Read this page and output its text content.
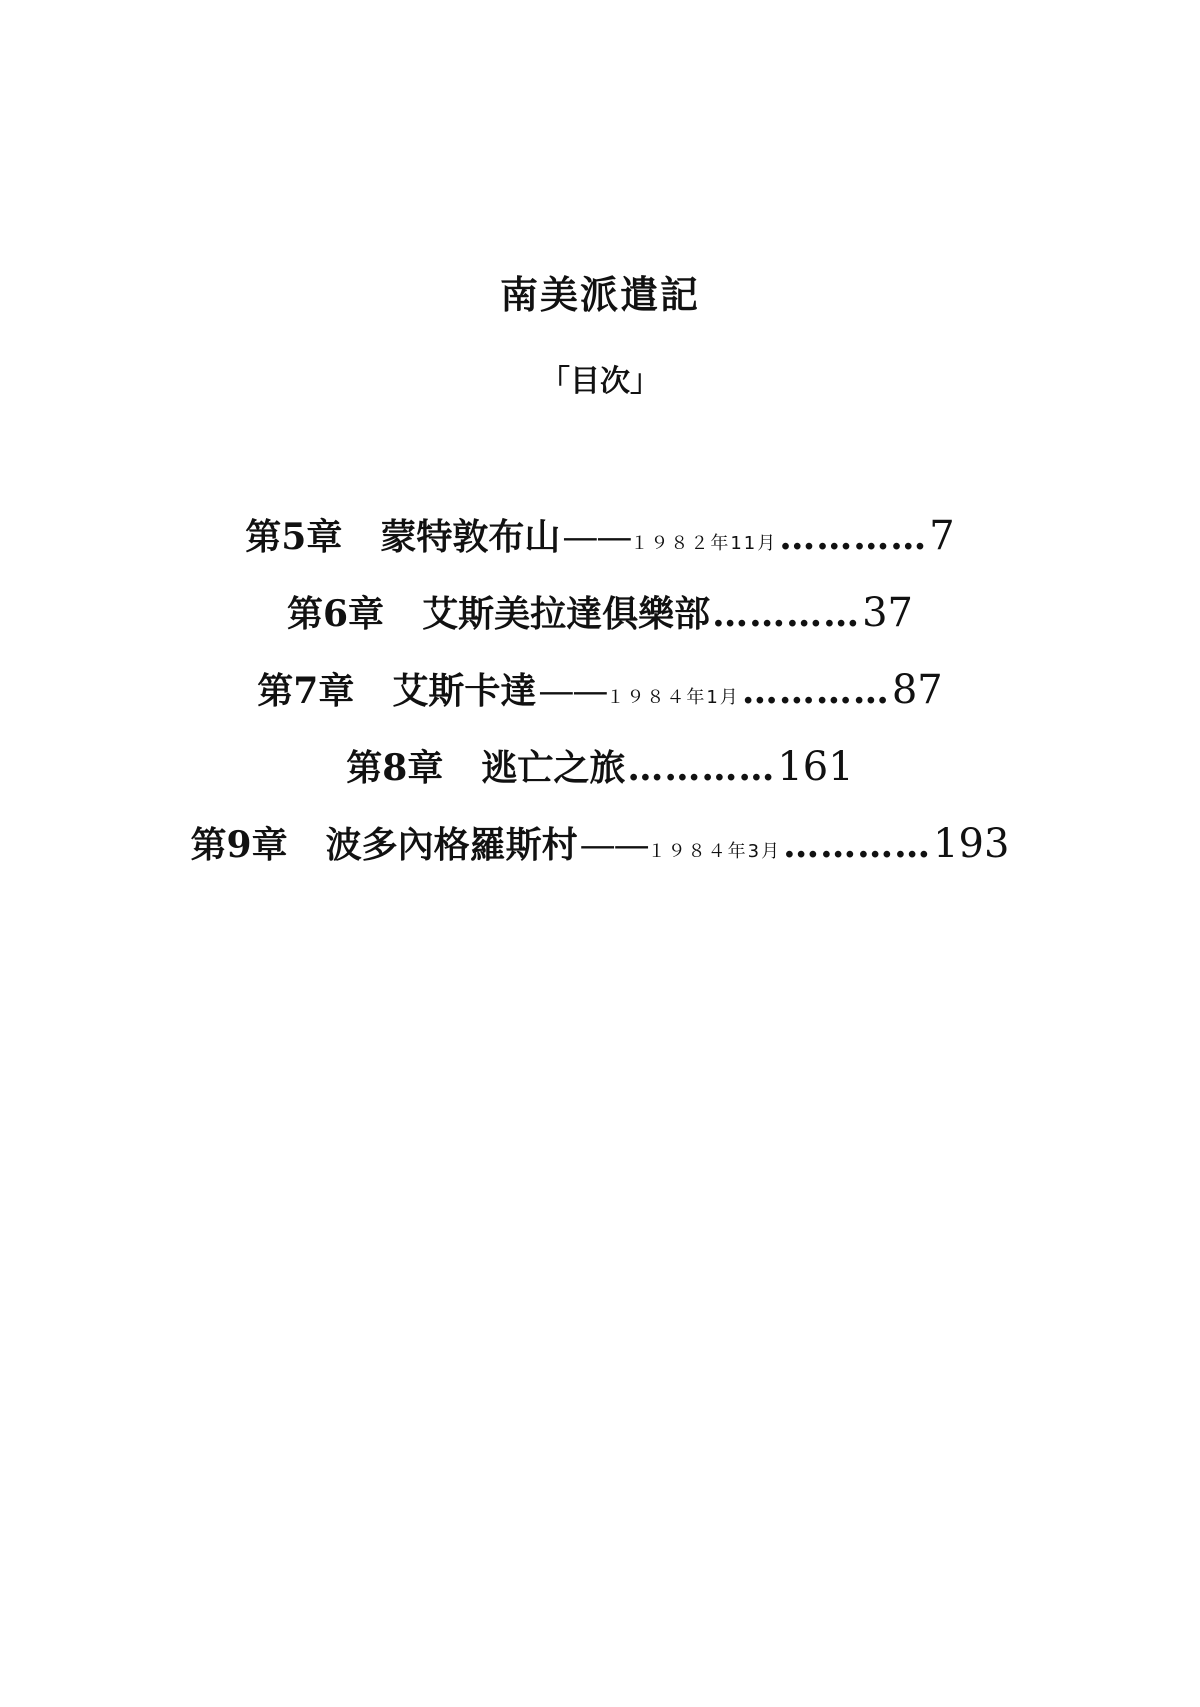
南美派遣記
「目次」
第5章 蒙特敦布山 —— １９８２年11月 ………… 7
第6章 艾斯美拉達俱樂部 ………… 37
第7章 艾斯卡達 —— １９８４年1月 ………… 87
第8章 逃亡之旅 ………… 161
第9章 波多內格羅斯村 —— １９８４年3月 ………… 193
